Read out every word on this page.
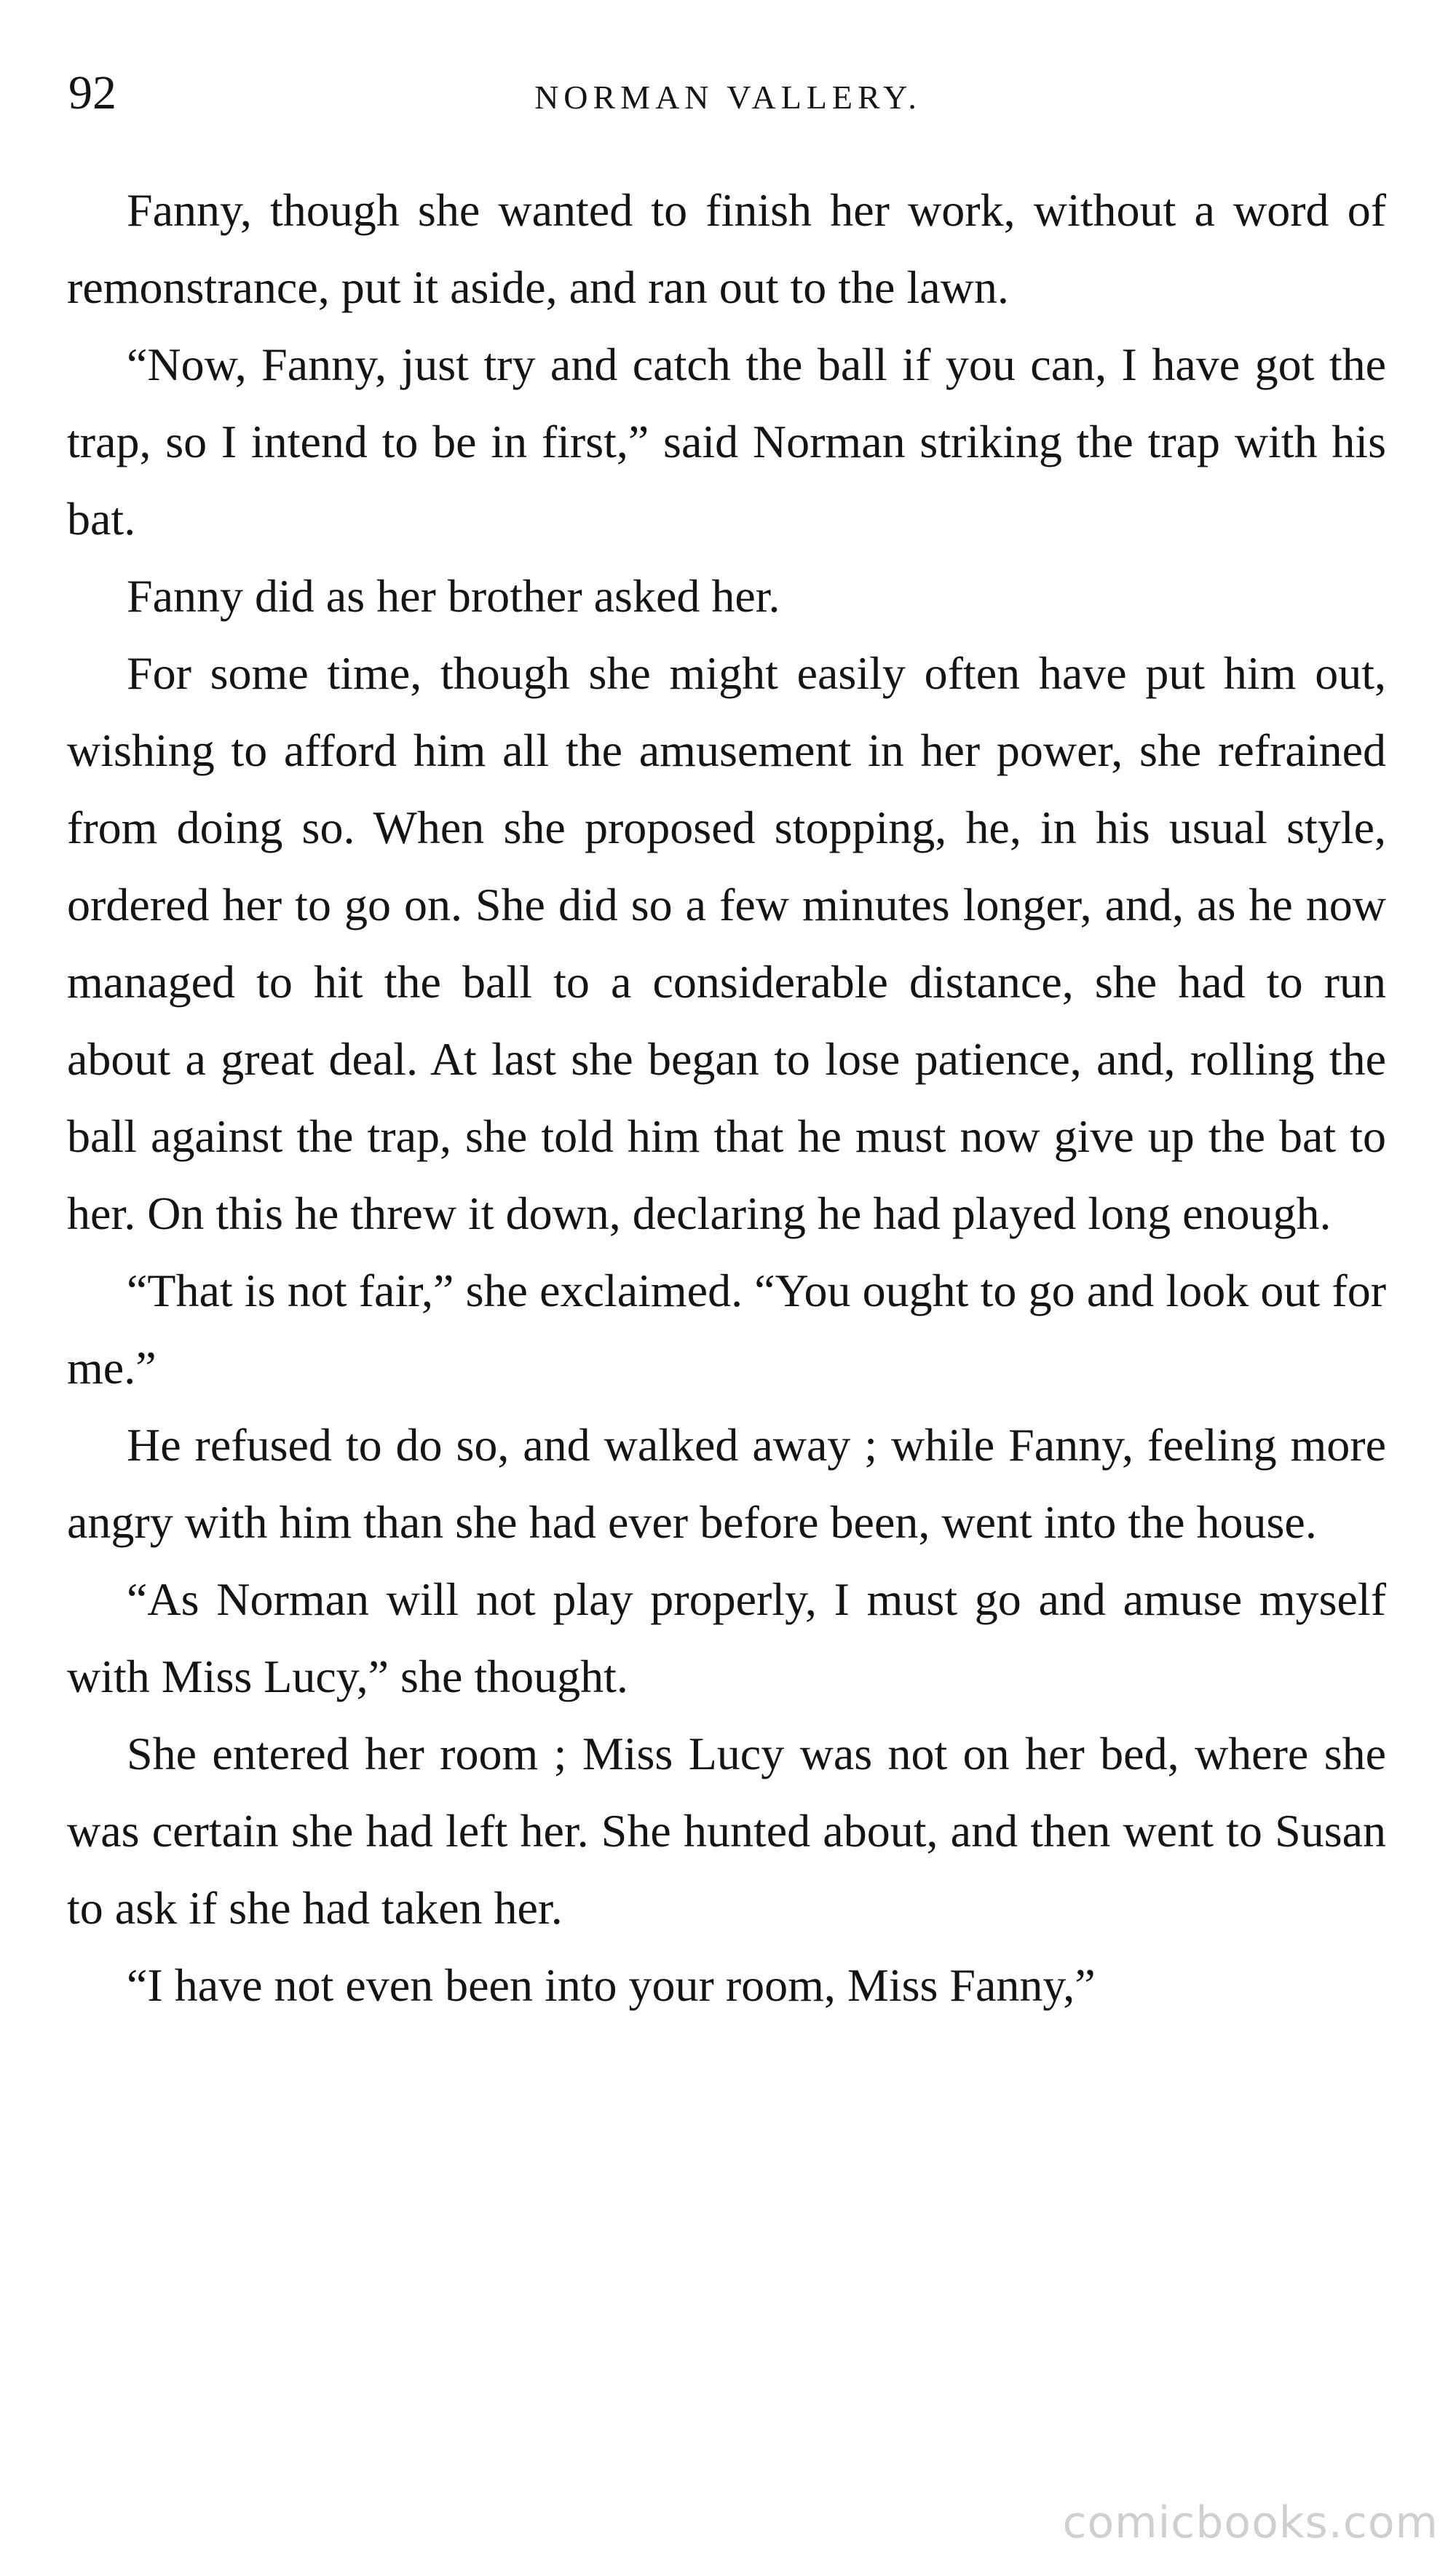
92	NORMAN VALLERY.

Fanny, though she wanted to finish her work, without a word of remonstrance, put it aside, and ran out to the lawn.

“Now, Fanny, just try and catch the ball if you can, I have got the trap, so I intend to be in first,” said Norman striking the trap with his bat.

Fanny did as her brother asked her.

For some time, though she might easily often have put him out, wishing to afford him all the amusement in her power, she refrained from doing so. When she proposed stopping, he, in his usual style, ordered her to go on. She did so a few minutes longer, and, as he now managed to hit the ball to a considerable distance, she had to run about a great deal. At last she began to lose patience, and, rolling the ball against the trap, she told him that he must now give up the bat to her. On this he threw it down, declaring he had played long enough.

“That is not fair,” she exclaimed. “You ought to go and look out for me.”

He refused to do so, and walked away ; while Fanny, feeling more angry with him than she had ever before been, went into the house.

“As Norman will not play properly, I must go and amuse myself with Miss Lucy,” she thought.

She entered her room ; Miss Lucy was not on her bed, where she was certain she had left her. She hunted about, and then went to Susan to ask if she had taken her.

“I have not even been into your room, Miss Fanny,”

comicbooks.com
